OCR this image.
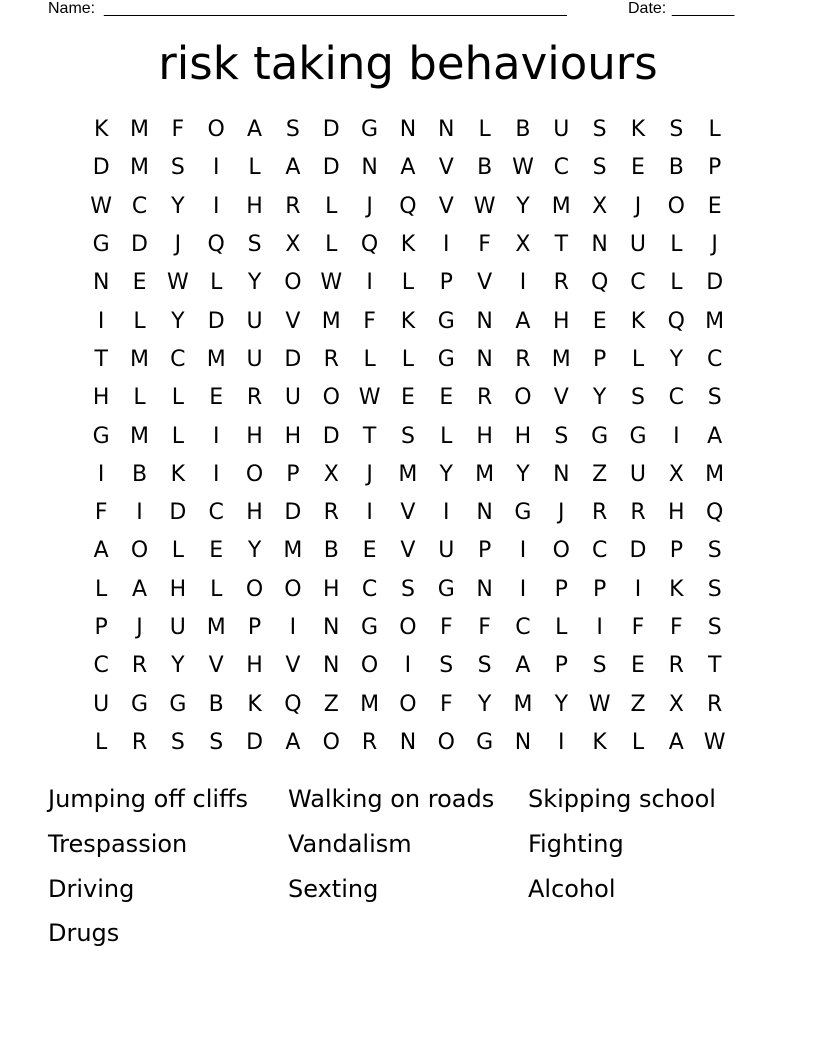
Name: ____________________________________________________	Date: _______
risk taking behaviours
K M	F	O	A	S	D G N N	L	B	U	S	K	S	L
D M S	I	L	A	D N	A	V	B W C	S	E	B	P
W C	Y	I	H	R	L	J	Q	V W Y	M X	J	O	E
G D	J	Q	S	X	L	Q	K	I	F	X	T	N	U	L	J
N	E W L	Y	O W	I	L	P	V	I	R	Q	C	L	D
I	L	Y	D U	V M	F	K	G N	A	H	E	K	Q M
T	M C M U D	R	L	L	G N	R M	P	L	Y	C
H	L	L	E	R	U O W E	E	R	O	V	Y	S	C	S
G M	L	I	H H D	T	S	L	H H	S	G G	I	A
I	B	K	I	O	P	X	J	M	Y	M	Y	N	Z	U	X M
F	I	D	C	H D	R	I	V	I	N G	J	R	R	H Q
A	O	L	E	Y	M B	E	V	U	P	I	O	C	D	P	S
L	A	H	L	O O H	C	S	G N	I	P	P	I	K	S
P	J	U M	P	I	N G O	F	F	C	L	I	F	F	S
C	R	Y	V	H	V	N O	I	S	S	A	P	S	E	R	T
U G G	B	K	Q	Z M O	F	Y	M	Y W Z	X	R
L	R	S	S	D	A	O	R	N O G N	I	K	L	A W
Jumping off cliffs	Walking on roads	Skipping school
Trespassion	Vandalism	Fighting
Driving	Sexting	Alcohol
Drugs
